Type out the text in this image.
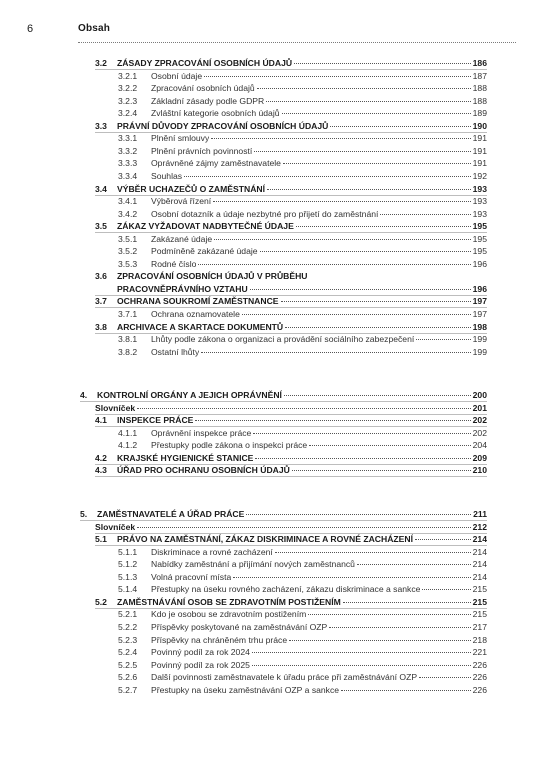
6	Obsah
3.2 ZÁSADY ZPRACOVÁNÍ OSOBNÍCH ÚDAJŮ	186
3.2.1 Osobní údaje	187
3.2.2 Zpracování osobních údajů	188
3.2.3 Základní zásady podle GDPR	188
3.2.4 Zvláštní kategorie osobních údajů	189
3.3 PRÁVNÍ DŮVODY ZPRACOVÁNÍ OSOBNÍCH ÚDAJŮ	190
3.3.1 Plnění smlouvy	191
3.3.2 Plnění právních povinností	191
3.3.3 Oprávněné zájmy zaměstnavatele	191
3.3.4 Souhlas	192
3.4 VÝBĚR UCHAZEČŮ O ZAMĚSTNÁNÍ	193
3.4.1 Výběrová řízení	193
3.4.2 Osobní dotazník a údaje nezbytné pro přijetí do zaměstnání	193
3.5 ZÁKAZ VYŽADOVAT NADBYTEČNÉ ÚDAJE	195
3.5.1 Zakázané údaje	195
3.5.2 Podmíněně zakázané údaje	195
3.5.3 Rodné číslo	196
3.6 ZPRACOVÁNÍ OSOBNÍCH ÚDAJŮ V PRŮBĚHU
PRACOVNĚPRÁVNÍHO VZTAHU	196
3.7 OCHRANA SOUKROMÍ ZAMĚSTNANCE	197
3.7.1 Ochrana oznamovatele	197
3.8 ARCHIVACE A SKARTACE DOKUMENTŮ	198
3.8.1 Lhůty podle zákona o organizaci a provádění sociálního zabezpečení	199
3.8.2 Ostatní lhůty	199
4. KONTROLNÍ ORGÁNY A JEJICH OPRÁVNĚNÍ	200
Slovníček	201
4.1 INSPEKCE PRÁCE	202
4.1.1 Oprávnění inspekce práce	202
4.1.2 Přestupky podle zákona o inspekci práce	204
4.2 KRAJSKÉ HYGIENICKÉ STANICE	209
4.3 ÚŘAD PRO OCHRANU OSOBNÍCH ÚDAJŮ	210
5. ZAMĚSTNAVATELÉ A ÚŘAD PRÁCE	211
Slovníček	212
5.1 PRÁVO NA ZAMĚSTNÁNÍ, ZÁKAZ DISKRIMINACE A ROVNÉ ZACHÁZENÍ	214
5.1.1 Diskriminace a rovné zacházení	214
5.1.2 Nabídky zaměstnání a přijímání nových zaměstnanců	214
5.1.3 Volná pracovní místa	214
5.1.4 Přestupky na úseku rovného zacházení, zákazu diskriminace a sankce	215
5.2 ZAMĚSTNÁVÁNÍ OSOB SE ZDRAVOTNÍM POSTIŽENÍM	215
5.2.1 Kdo je osobou se zdravotním postižením	215
5.2.2 Příspěvky poskytované na zaměstnávání OZP	217
5.2.3 Příspěvky na chráněném trhu práce	218
5.2.4 Povinný podíl za rok 2024	221
5.2.5 Povinný podíl za rok 2025	226
5.2.6 Další povinnosti zaměstnavatele k úřadu práce při zaměstnávání OZP	226
5.2.7 Přestupky na úseku zaměstnávání OZP a sankce	226
